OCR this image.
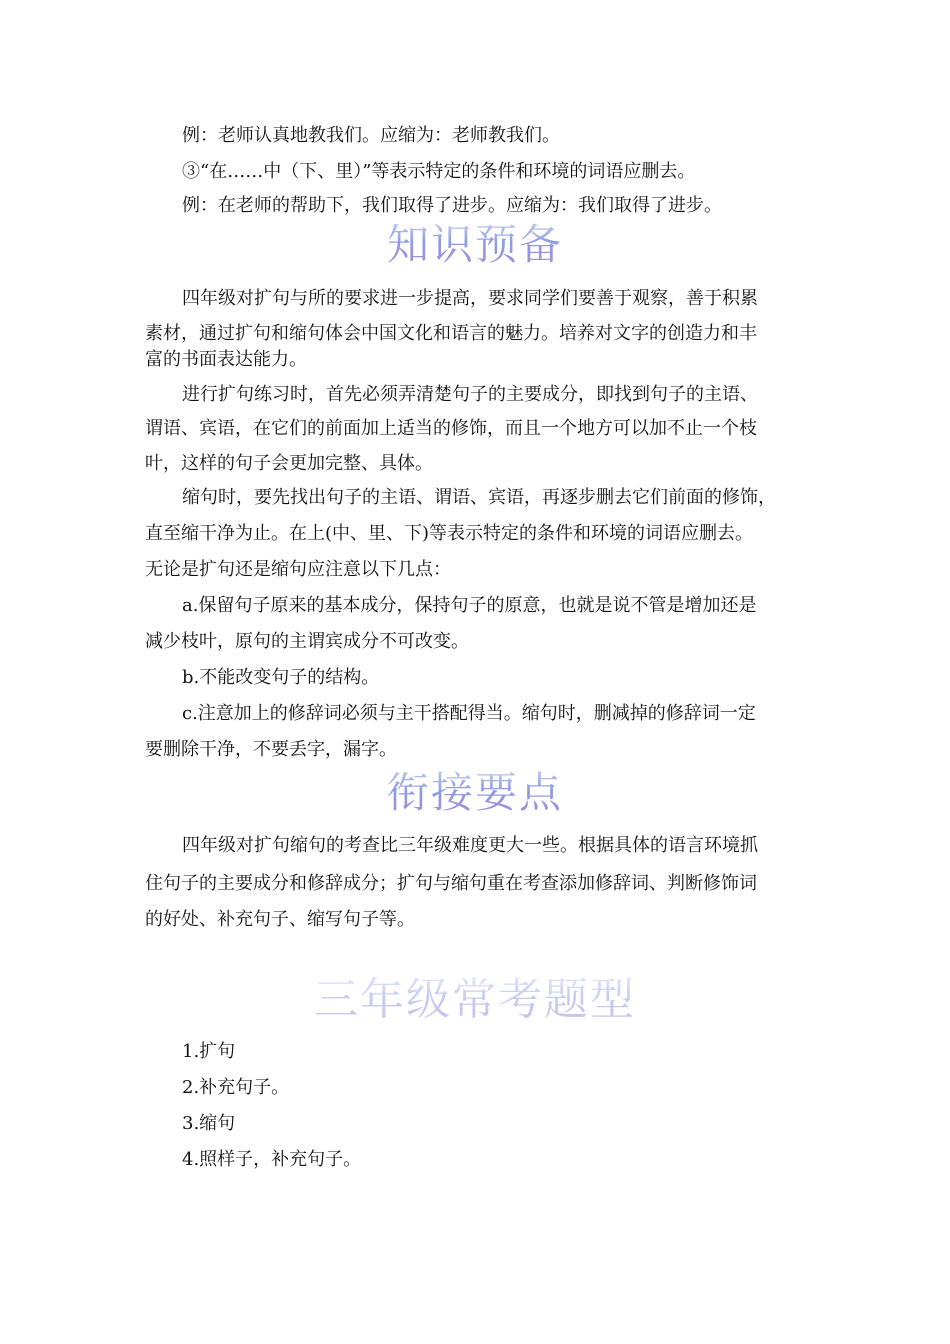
例：老师认真地教我们。应缩为：老师教我们。
③“在……中（下、里）”等表示特定的条件和环境的词语应删去。
例：在老师的帮助下，我们取得了进步。应缩为：我们取得了进步。
知识预备
四年级对扩句与所的要求进一步提高，要求同学们要善于观察，善于积累
素材，通过扩句和缩句体会中国文化和语言的魅力。培养对文字的创造力和丰
富的书面表达能力。
进行扩句练习时，首先必须弄清楚句子的主要成分，即找到句子的主语、
谓语、宾语，在它们的前面加上适当的修饰，而且一个地方可以加不止一个枝
叶，这样的句子会更加完整、具体。
缩句时，要先找出句子的主语、谓语、宾语，再逐步删去它们前面的修饰，
直至缩干净为止。在上(中、里、下)等表示特定的条件和环境的词语应删去。
无论是扩句还是缩句应注意以下几点：
a.保留句子原来的基本成分，保持句子的原意，也就是说不管是增加还是
减少枝叶，原句的主谓宾成分不可改变。
b.不能改变句子的结构。
c.注意加上的修辞词必须与主干搭配得当。缩句时，删减掉的修辞词一定
要删除干净，不要丢字，漏字。
衔接要点
四年级对扩句缩句的考查比三年级难度更大一些。根据具体的语言环境抓
住句子的主要成分和修辞成分；扩句与缩句重在考查添加修辞词、判断修饰词
的好处、补充句子、缩写句子等。
三年级常考题型
1.扩句
2.补充句子。
3.缩句
4.照样子，补充句子。
